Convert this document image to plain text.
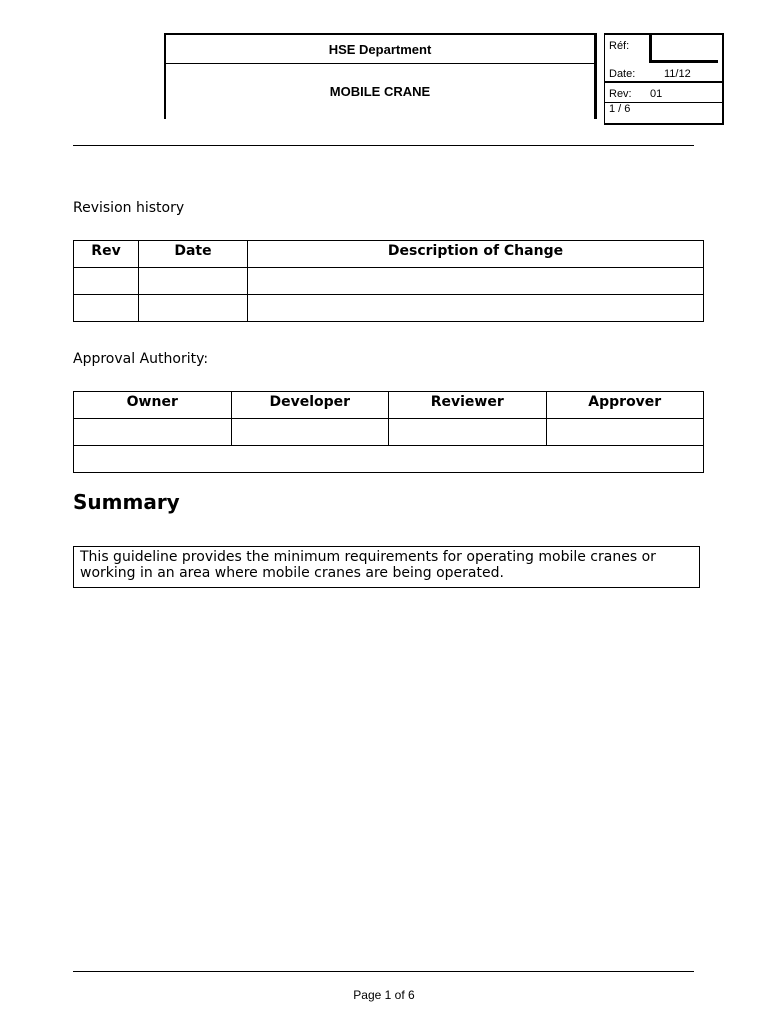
HSE Department
MOBILE CRANE
Réf:
Date:	11/12
Rev: 01
1 / 6
Revision history
Rev	Date	Description of Change

Approval Authority:
Owner	Developer	Reviewer	Approver

Summary
This guideline provides the minimum requirements for operating mobile cranes or
working in an area where mobile cranes are being operated.
Page 1 of 6
